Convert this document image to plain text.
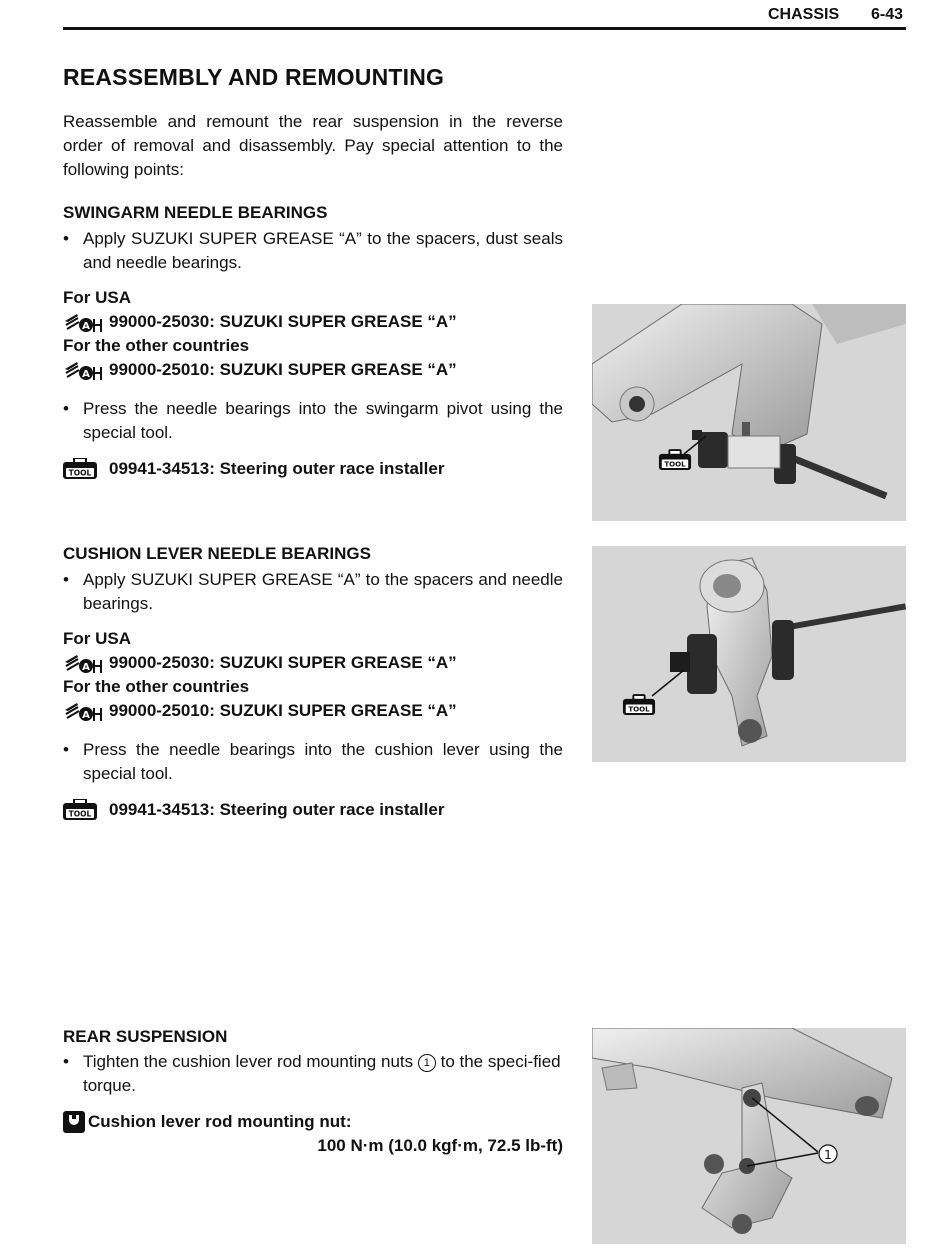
CHASSIS 6-43
REASSEMBLY AND REMOUNTING

Reassemble and remount the rear suspension in the reverse order of removal and disassembly. Pay special attention to the following points:

SWINGARM NEEDLE BEARINGS
• Apply SUZUKI SUPER GREASE “A” to the spacers, dust seals and needle bearings.
For USA
A 99000-25030: SUZUKI SUPER GREASE “A”
For the other countries
A 99000-25010: SUZUKI SUPER GREASE “A”
• Press the needle bearings into the swingarm pivot using the special tool.
TOOL 09941-34513: Steering outer race installer	TOOL
CUSHION LEVER NEEDLE BEARINGS
• Apply SUZUKI SUPER GREASE “A” to the spacers and needle bearings.
For USA
A 99000-25030: SUZUKI SUPER GREASE “A”
For the other countries
A 99000-25010: SUZUKI SUPER GREASE “A”
• Press the needle bearings into the cushion lever using the special tool.
TOOL 09941-34513: Steering outer race installer
TOOL
REAR SUSPENSION
• Tighten the cushion lever rod mounting nuts 1 to the speci-fied torque.
Cushion lever rod mounting nut:
100 N·m (10.0 kgf·m, 72.5 lb-ft)	1
